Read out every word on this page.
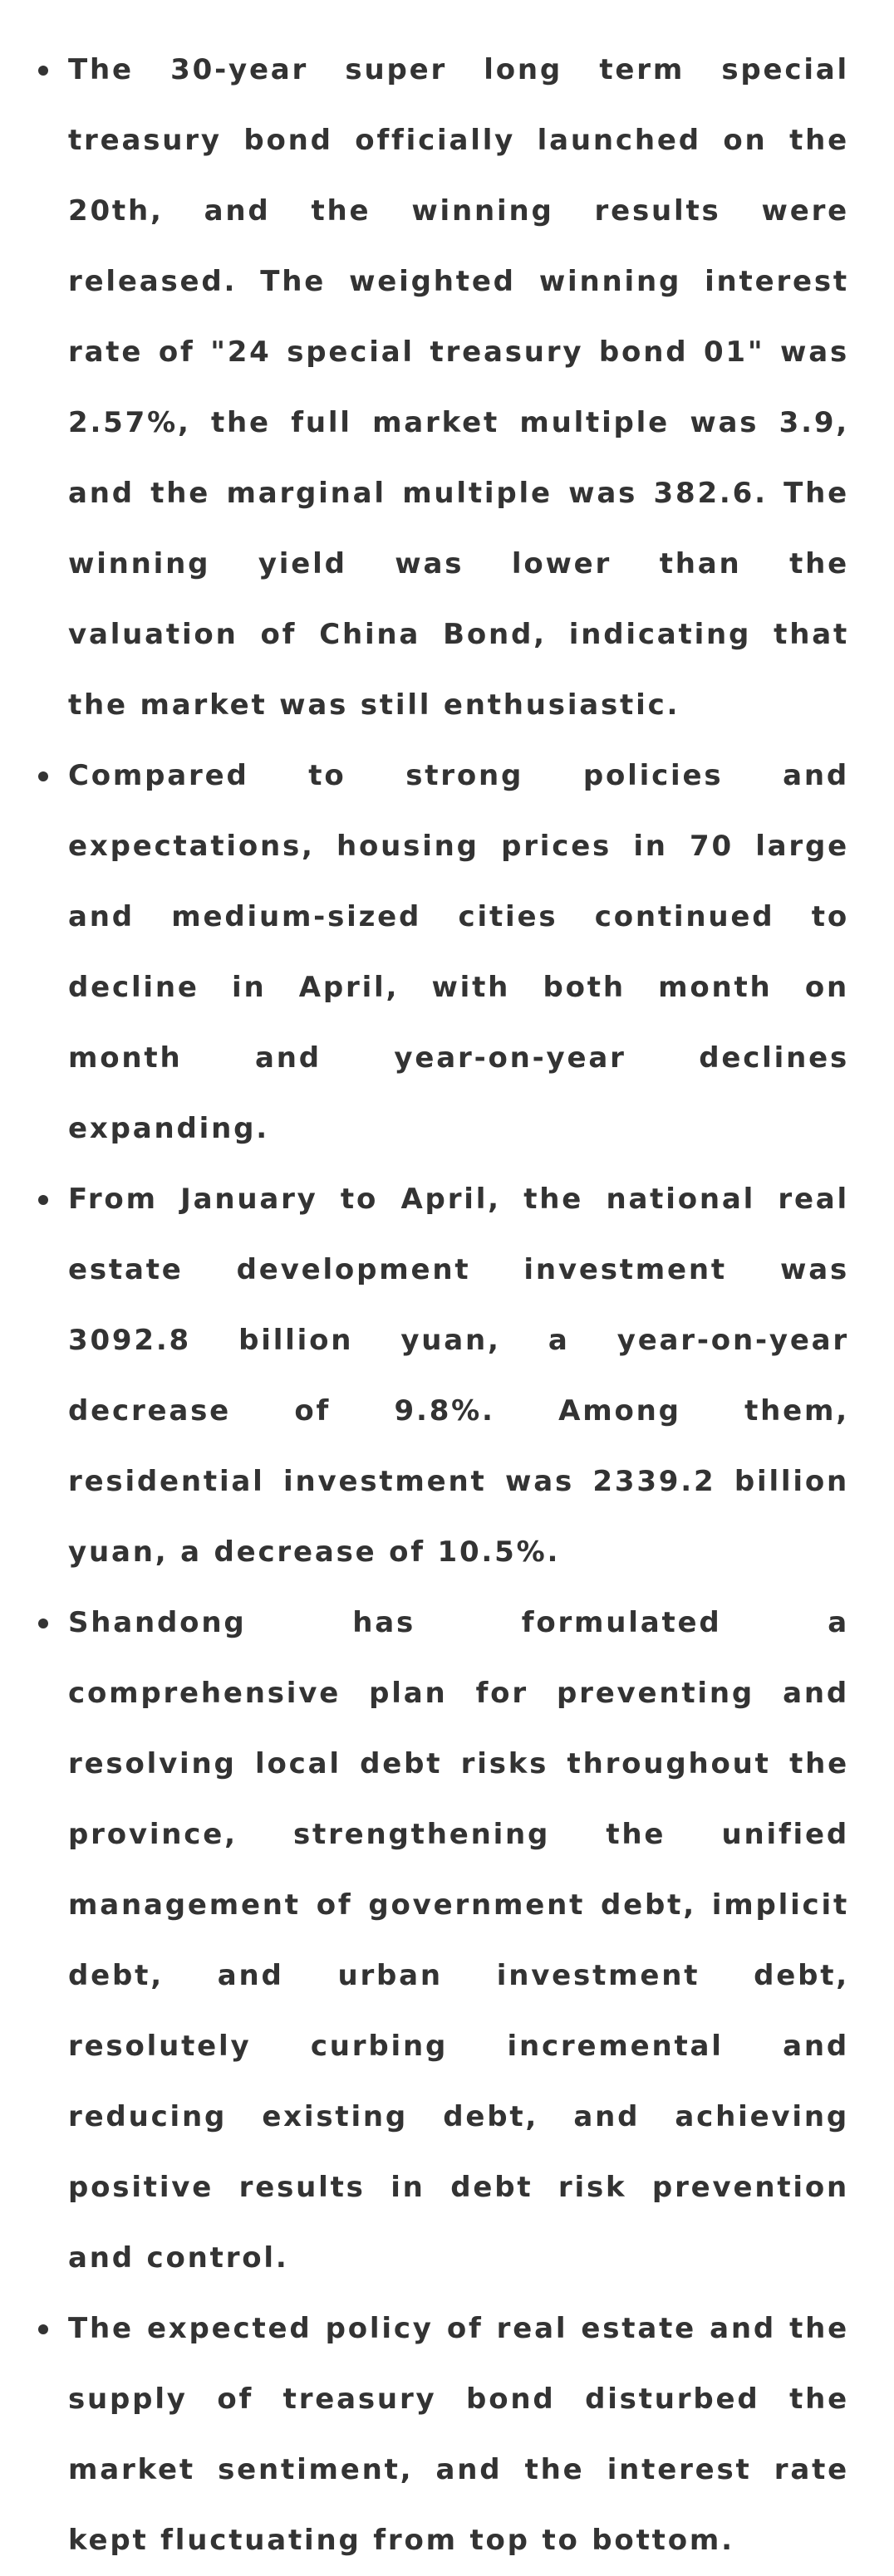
The 30-year super long term special treasury bond officially launched on the 20th, and the winning results were released. The weighted winning interest rate of "24 special treasury bond 01" was 2.57%, the full market multiple was 3.9, and the marginal multiple was 382.6. The winning yield was lower than the valuation of China Bond, indicating that the market was still enthusiastic.

Compared to strong policies and expectations, housing prices in 70 large and medium-sized cities continued to decline in April, with both month on month and year-on-year declines expanding.

From January to April, the national real estate development investment was 3092.8 billion yuan, a year-on-year decrease of 9.8%. Among them, residential investment was 2339.2 billion yuan, a decrease of 10.5%.

Shandong has formulated a comprehensive plan for preventing and resolving local debt risks throughout the province, strengthening the unified management of government debt, implicit debt, and urban investment debt, resolutely curbing incremental and reducing existing debt, and achieving positive results in debt risk prevention and control.

The expected policy of real estate and the supply of treasury bond disturbed the market sentiment, and the interest rate kept fluctuating from top to bottom.
